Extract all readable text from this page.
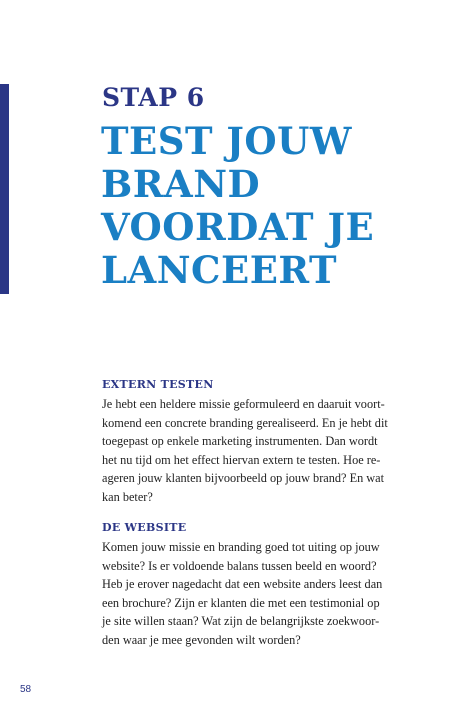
STAP 6
TEST JOUW
BRAND
VOORDAT JE
LANCEERT
EXTERN TESTEN

Je hebt een heldere missie geformuleerd en daaruit voort-
komend een concrete branding gerealiseerd. En je hebt dit
toegepast op enkele marketing instrumenten. Dan wordt
het nu tijd om het effect hiervan extern te testen. Hoe re-
ageren jouw klanten bijvoorbeeld op jouw brand? En wat
kan beter?

DE WEBSITE

Komen jouw missie en branding goed tot uiting op jouw
website? Is er voldoende balans tussen beeld en woord?
Heb je erover nagedacht dat een website anders leest dan
een brochure? Zijn er klanten die met een testimonial op
je site willen staan? Wat zijn de belangrijkste zoekwoor-
den waar je mee gevonden wilt worden?

58
